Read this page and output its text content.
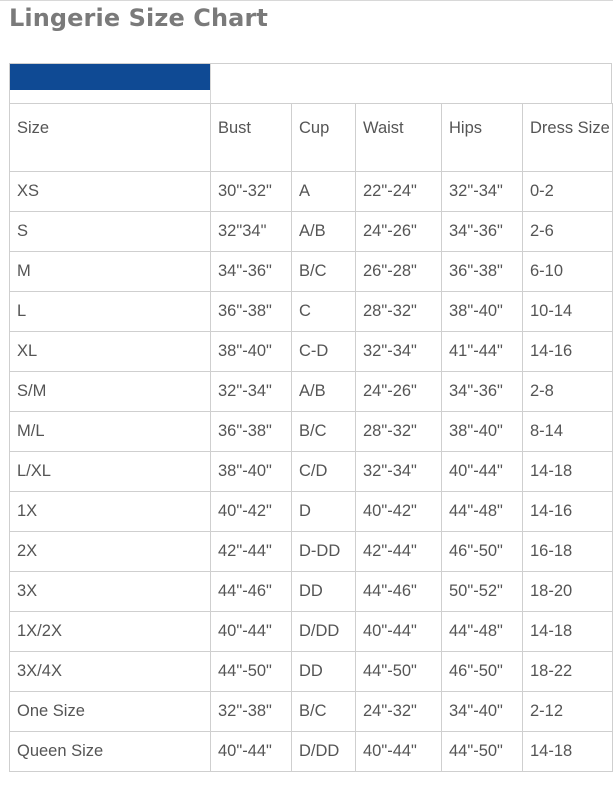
Lingerie Size Chart
Size	Bust	Cup	Waist	Hips	Dress Size
XS	30"-32"	A	22"-24"	32"-34"	0-2
S	32"34"	A/B	24"-26"	34"-36"	2-6
M	34"-36"	B/C	26"-28"	36"-38"	6-10
L	36"-38"	C	28"-32"	38"-40"	10-14
XL	38"-40"	C-D	32"-34"	41"-44"	14-16
S/M	32"-34"	A/B	24"-26"	34"-36"	2-8
M/L	36"-38"	B/C	28"-32"	38"-40"	8-14
L/XL	38"-40"	C/D	32"-34"	40"-44"	14-18
1X	40"-42"	D	40"-42"	44"-48"	14-16
2X	42"-44"	D-DD	42"-44"	46"-50"	16-18
3X	44"-46"	DD	44"-46"	50"-52"	18-20
1X/2X	40"-44"	D/DD	40"-44"	44"-48"	14-18
3X/4X	44"-50"	DD	44"-50"	46"-50"	18-22
One Size	32"-38"	B/C	24"-32"	34"-40"	2-12
Queen Size	40"-44"	D/DD	40"-44"	44"-50"	14-18
